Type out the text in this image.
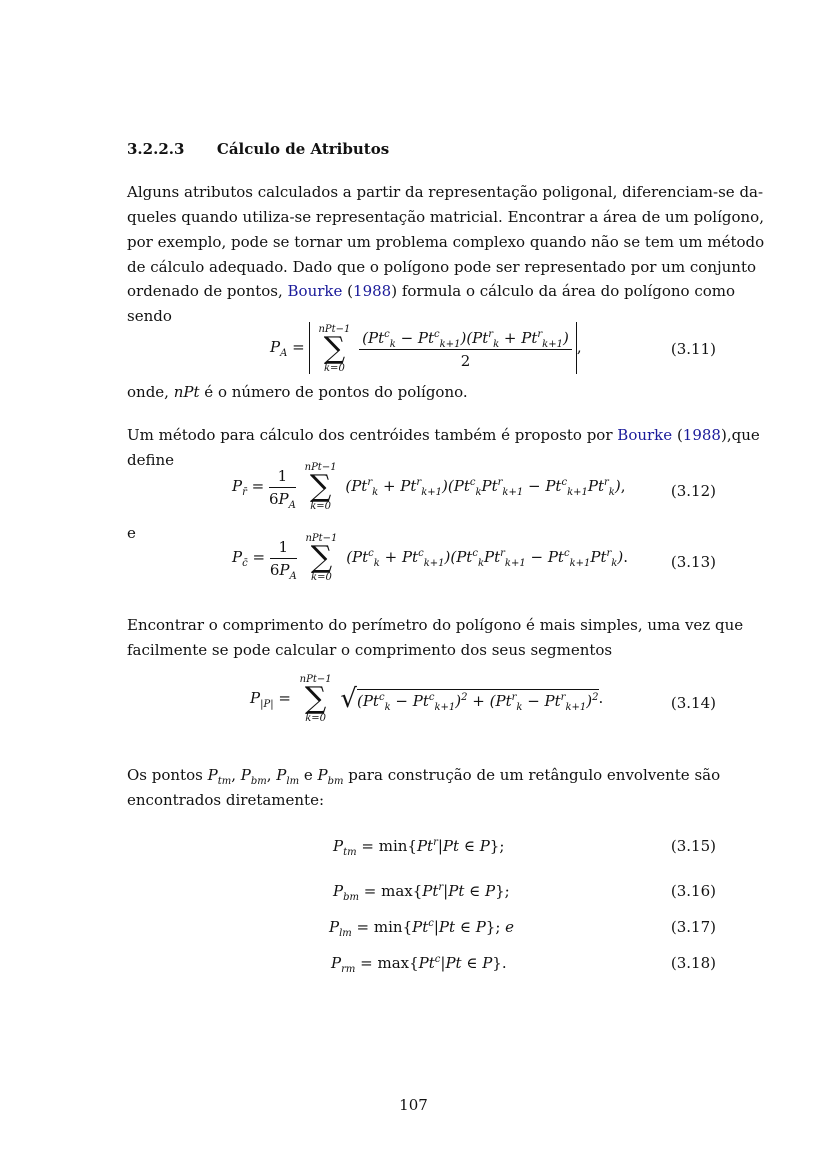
3.2.2.3 Cálculo de Atributos
Alguns atributos calculados a partir da representação poligonal, diferenciam-se da-
queles quando utiliza-se representação matricial. Encontrar a área de um polígono,
por exemplo, pode se tornar um problema complexo quando não se tem um método
de cálculo adequado. Dado que o polígono pode ser representado por um conjunto
ordenado de pontos, Bourke (1988) formula o cálculo da área do polígono como
sendo
$P_A$ =
nPt−1
∑
k=0
$\frac{(Pt^c_k - Pt^c_{k+1})(Pt^r_k + Pt^r_{k+1})}{2}$ ,	(3.11)
onde, nPt é o número de pontos do polígono.
Um método para cálculo dos centróides também é proposto por Bourke (1988),que
define
$P_{r̄} = \frac{1}{6P_A}$
nPt−1
∑
k=0
$(Pt^r_k + Pt^r_{k+1})(Pt^c_kPt^r_{k+1} - Pt^c_{k+1}Pt^r_k)$,	(3.12)
e
$P_{c̄} = \frac{1}{6P_A}$
nPt−1
∑
k=0
$(Pt^c_k + Pt^c_{k+1})(Pt^c_kPt^r_{k+1} - Pt^c_{k+1}Pt^r_k)$.	(3.13)
Encontrar o comprimento do perímetro do polígono é mais simples, uma vez que
facilmente se pode calcular o comprimento dos seus segmentos
$P_{|P|}$ =
nPt−1
∑
k=0
$√(Pt^c_k - Pt^c_{k+1})^2 + (Pt^r_k - Pt^r_{k+1})^2$.	(3.14)
Os pontos $P_{tm}$, $P_{bm}$, $P_{lm}$ e $P_{bm}$ para construção de um retângulo envolvente são
encontrados diretamente:
$P_{tm} = \min\{Pt^r|Pt$ ∈ P};	(3.15)
$P_{bm} = \max\{Pt^r|Pt$ ∈ P};	(3.16)
$P_{lm} = \min\{Pt^c|Pt$ ∈ P}; e	(3.17)
$P_{rm} = \max\{Pt^c|Pt$ ∈ P}.	(3.18)
107
